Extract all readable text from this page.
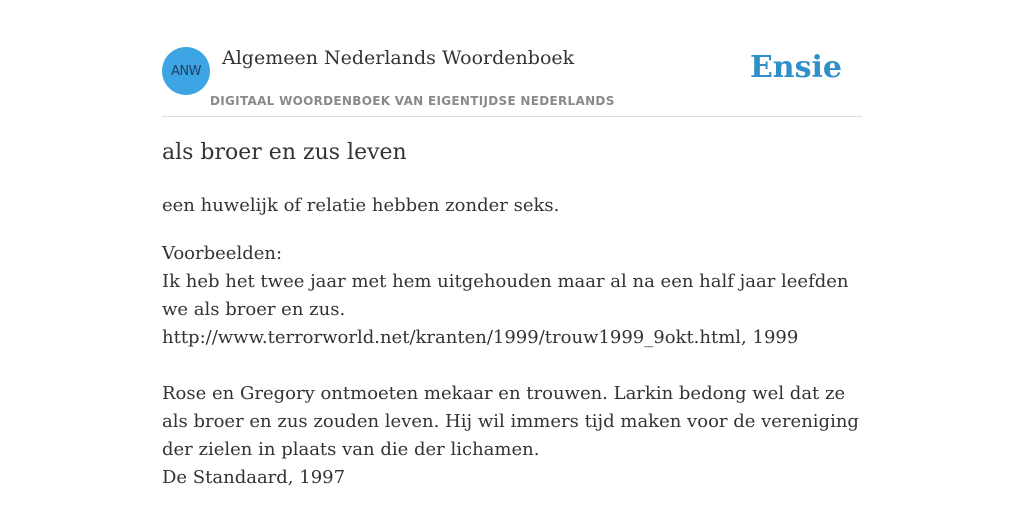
ANW
Algemeen Nederlands Woordenboek
DIGITAAL WOORDENBOEK VAN EIGENTIJDSE NEDERLANDS
Ensie
als broer en zus leven
een huwelijk of relatie hebben zonder seks.

Voorbeelden:

Ik heb het twee jaar met hem uitgehouden maar al na een half jaar leefden we als broer en zus.

http://www.terrorworld.net/kranten/1999/trouw1999_9okt.html, 1999

Rose en Gregory ontmoeten mekaar en trouwen. Larkin bedong wel dat ze als broer en zus zouden leven. Hij wil immers tijd maken voor de vereniging der zielen in plaats van die der lichamen.

De Standaard, 1997
